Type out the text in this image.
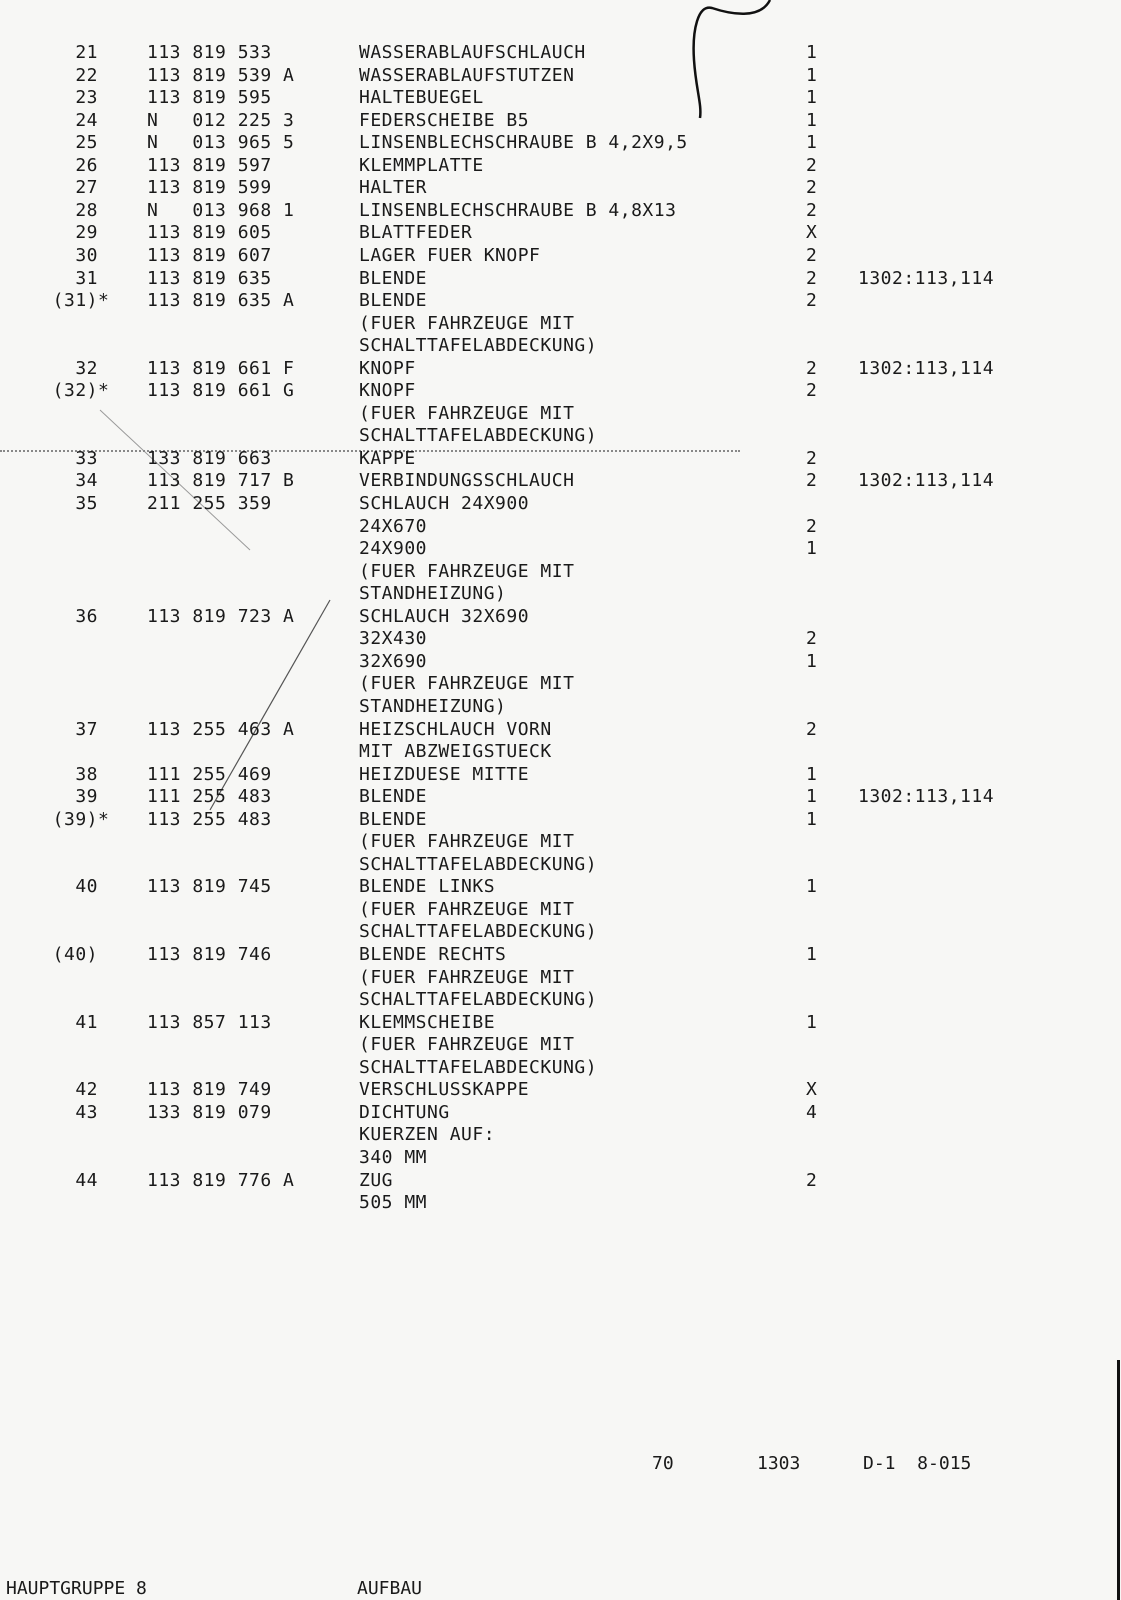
21	113 819 533	WASSERABLAUFSCHLAUCH	1
22	113 819 539 A	WASSERABLAUFSTUTZEN	1
23	113 819 595	HALTEBUEGEL	1
24	N   012 225 3	FEDERSCHEIBE B5	1
25	N   013 965 5	LINSENBLECHSCHRAUBE B 4,2X9,5	1
26	113 819 597	KLEMMPLATTE	2
27	113 819 599	HALTER	2
28	N   013 968 1	LINSENBLECHSCHRAUBE B 4,8X13	2
29	113 819 605	BLATTFEDER	X
30	113 819 607	LAGER FUER KNOPF	2
31	113 819 635	BLENDE	2	1302:113,114
(31) *	113 819 635 A	BLENDE	2
(FUER FAHRZEUGE MIT
SCHALTTAFELABDECKUNG)
32	113 819 661 F	KNOPF	2	1302:113,114
(32) *	113 819 661 G	KNOPF	2
(FUER FAHRZEUGE MIT
SCHALTTAFELABDECKUNG)
33	133 819 663	KAPPE	2
34	113 819 717 B	VERBINDUNGSSCHLAUCH	2	1302:113,114
35	211 255 359	SCHLAUCH 24X900
24X670	2
24X900	1
(FUER FAHRZEUGE MIT
STANDHEIZUNG)
36	113 819 723 A	SCHLAUCH 32X690
32X430	2
32X690	1
(FUER FAHRZEUGE MIT
STANDHEIZUNG)
37	113 255 463 A	HEIZSCHLAUCH VORN	2
MIT ABZWEIGSTUECK
38	111 255 469	HEIZDUESE MITTE	1
39	111 255 483	BLENDE	1	1302:113,114
(39) *	113 255 483	BLENDE	1
(FUER FAHRZEUGE MIT
SCHALTTAFELABDECKUNG)
40	113 819 745	BLENDE LINKS	1
(FUER FAHRZEUGE MIT
SCHALTTAFELABDECKUNG)
(40)	113 819 746	BLENDE RECHTS	1
(FUER FAHRZEUGE MIT
SCHALTTAFELABDECKUNG)
41	113 857 113	KLEMMSCHEIBE	1
(FUER FAHRZEUGE MIT
SCHALTTAFELABDECKUNG)
42	113 819 749	VERSCHLUSSKAPPE	X
43	133 819 079	DICHTUNG	4
KUERZEN AUF:
340 MM
44	113 819 776 A	ZUG	2
505 MM
70	1303	D-1  8-015
HAUPTGRUPPE 8	AUFBAU
